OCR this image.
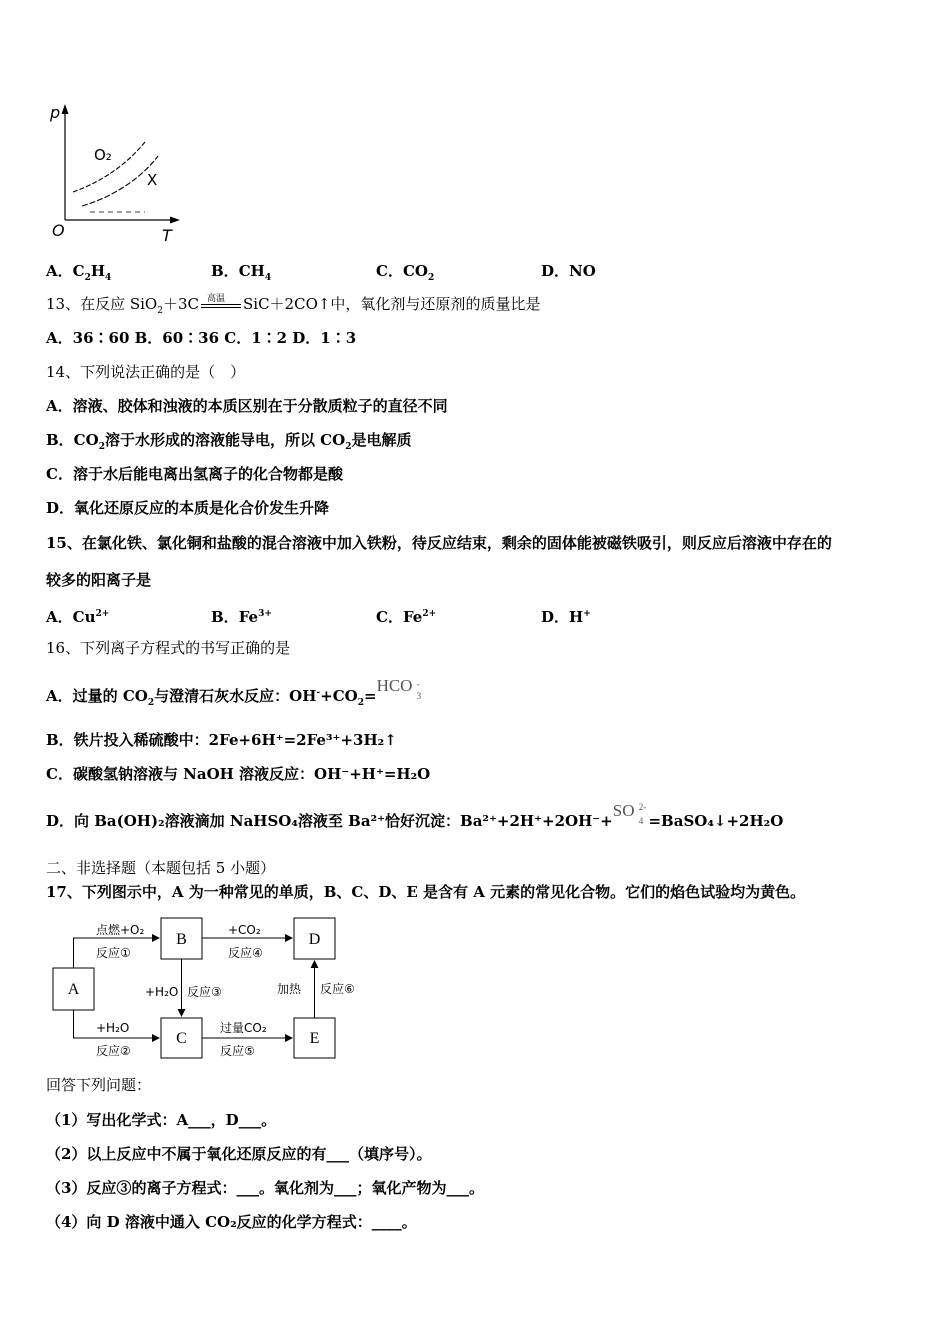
p
T
O
O₂
X
A．$C_2H_4$	B．$CH_4$	C．$CO_2$	D．NO
13、在反应 SiO$_2$＋3C 高温 SiC＋2CO↑中，氧化剂与还原剂的质量比是
A．36∶60 B．60∶36 C．1∶2 D．1∶3
14、下列说法正确的是（　）
A．溶液、胶体和浊液的本质区别在于分散质粒子的直径不同
B．$CO_2$溶于水形成的溶液能导电，所以 $CO_2$是电解质
C．溶于水后能电离出氢离子的化合物都是酸
D．氧化还原反应的本质是化合价发生升降
15、在氯化铁、氯化铜和盐酸的混合溶液中加入铁粉，待反应结束，剩余的固体能被磁铁吸引，则反应后溶液中存在的
较多的阳离子是
A．$Cu^{2+}$	B．$Fe^{3+}$	C．$Fe^{2+}$	D．H+
16、下列离子方程式的书写正确的是
A．过量的 $CO_2$与澄清石灰水反应：$OH^-+CO_2=HCO$ -
3
B．铁片投入稀硫酸中：2Fe+6H⁺=2Fe³⁺+3H₂↑
C．碳酸氢钠溶液与 NaOH 溶液反应：OH⁻+H⁺=H₂O
D．向 Ba(OH)₂溶液滴加 NaHSO₄溶液至 Ba²⁺恰好沉淀：Ba²⁺+2H⁺+2OH⁻+SO 2-
4 =BaSO₄↓+2H₂O
二、非选择题（本题包括 5 小题）
17、下列图示中，A 为一种常见的单质，B、C、D、E 是含有 A 元素的常见化合物。它们的焰色试验均为黄色。
A
B
C
D
E
点燃+O₂
反应①
+H₂O
反应②
+H₂O 反应③
+CO₂
反应④
过量CO₂
反应⑤
加热 反应⑥
回答下列问题：
（1）写出化学式：A___，D___。
（2）以上反应中不属于氧化还原反应的有___（填序号）。
（3）反应③的离子方程式：___。氧化剂为___；氧化产物为___。
（4）向 D 溶液中通入 CO₂反应的化学方程式：____。
